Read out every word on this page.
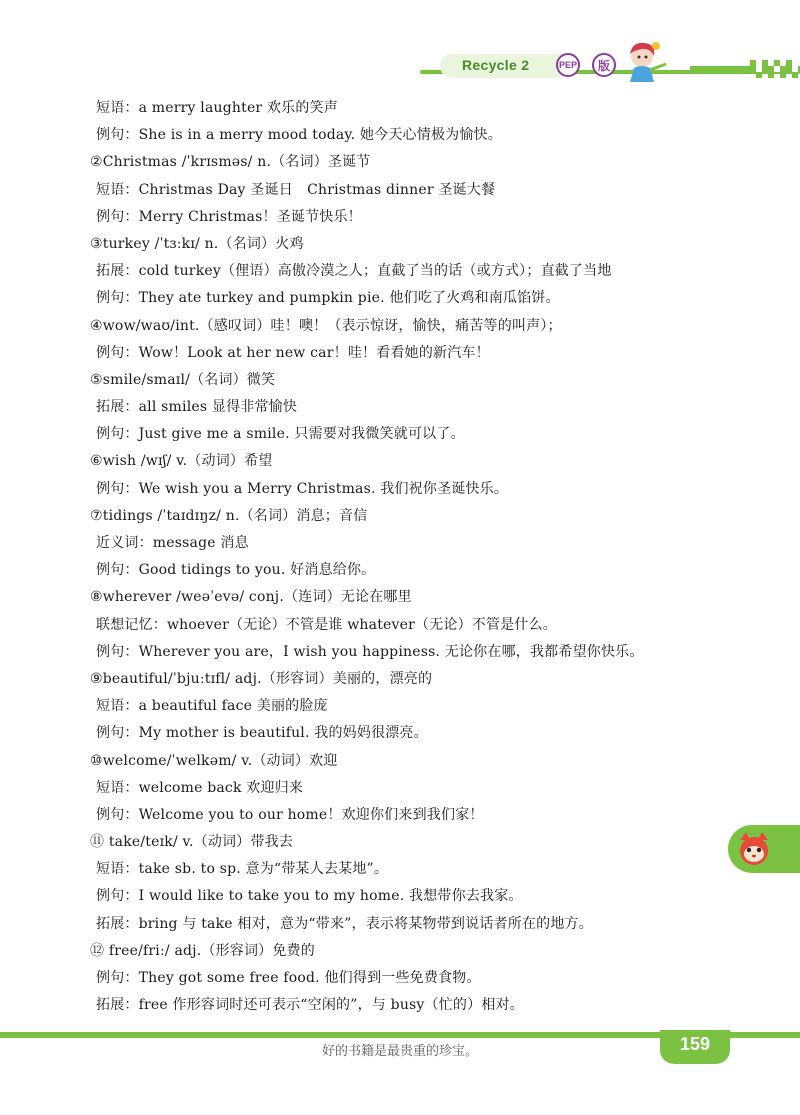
Recycle 2	PEP	版
短语：a merry laughter 欢乐的笑声
例句：She is in a merry mood today. 她今天心情极为愉快。
②Christmas /ˈkrɪsməs/ n.（名词）圣诞节
短语：Christmas Day 圣诞日　Christmas dinner 圣诞大餐
例句：Merry Christmas！圣诞节快乐！
③turkey /ˈtɜːkɪ/ n.（名词）火鸡
拓展：cold turkey（俚语）高傲冷漠之人；直截了当的话（或方式）；直截了当地
例句：They ate turkey and pumpkin pie. 他们吃了火鸡和南瓜馅饼。
④wow/waʊ/int.（感叹词）哇！噢！（表示惊讶，愉快，痛苦等的叫声）；
例句：Wow！Look at her new car！哇！看看她的新汽车！
⑤smile/smaɪl/（名词）微笑
拓展：all smiles 显得非常愉快
例句：Just give me a smile. 只需要对我微笑就可以了。
⑥wish /wɪʃ/ v.（动词）希望
例句：We wish you a Merry Christmas. 我们祝你圣诞快乐。
⑦tidings /ˈtaɪdɪŋz/ n.（名词）消息；音信
近义词：message 消息
例句：Good tidings to you. 好消息给你。
⑧wherever /weəˈevə/ conj.（连词）无论在哪里
联想记忆：whoever（无论）不管是谁 whatever（无论）不管是什么。
例句：Wherever you are，I wish you happiness. 无论你在哪，我都希望你快乐。
⑨beautiful/ˈbjuːtɪfl/ adj.（形容词）美丽的，漂亮的
短语：a beautiful face 美丽的脸庞
例句：My mother is beautiful. 我的妈妈很漂亮。
⑩welcome/ˈwelkəm/ v.（动词）欢迎
短语：welcome back 欢迎归来
例句：Welcome you to our home！欢迎你们来到我们家！
⑪ take/teɪk/ v.（动词）带我去
短语：take sb. to sp. 意为“带某人去某地”。
例句：I would like to take you to my home. 我想带你去我家。
拓展：bring 与 take 相对，意为“带来”，表示将某物带到说话者所在的地方。
⑫ free/friː/ adj.（形容词）免费的
例句：They got some free food. 他们得到一些免费食物。
拓展：free 作形容词时还可表示“空闲的”，与 busy（忙的）相对。
好的书籍是最贵重的珍宝。	159
